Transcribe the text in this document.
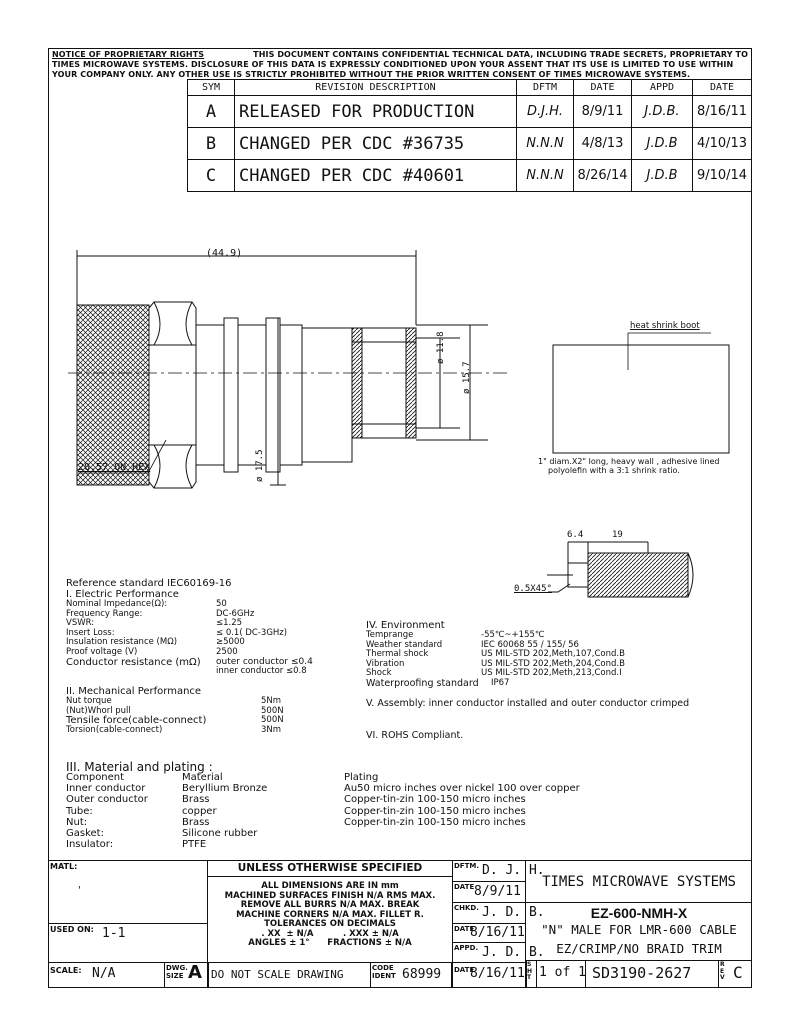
NOTICE OF PROPRIETARY RIGHTS	THIS DOCUMENT CONTAINS CONFIDENTIAL TECHNICAL DATA, INCLUDING TRADE SECRETS, PROPRIETARY TO
TIMES MICROWAVE SYSTEMS. DISCLOSURE OF THIS DATA IS EXPRESSLY CONDITIONED UPON YOUR ASSENT THAT ITS USE IS LIMITED TO USE WITHIN
YOUR COMPANY ONLY. ANY OTHER USE IS STRICTLY PROHIBITED WITHOUT THE PRIOR WRITTEN CONSENT OF TIMES MICROWAVE SYSTEMS.
SYM	REVISION DESCRIPTION	DFTM	DATE	APPD	DATE
A	RELEASED FOR PRODUCTION	D.J.H.	8/9/11	J.D.B.	8/16/11
B	CHANGED PER CDC #36735	N.N.N	4/8/13	J.D.B	4/10/13
C	CHANGED PER CDC #40601	N.N.N	8/26/14	J.D.B	9/10/14
(44.9)
ø 11.8
ø 15.7
ø 17.5
20.57 ON HEX
heat shrink boot
1" diam.X2" long, heavy wall , adhesive lined
polyolefin with a 3:1 shrink ratio.
6.4	19
0.5X45°
Reference standard IEC60169-16
I. Electric Performance
Nominal Impedance(Ω):	50
Frequency Range:	DC-6GHz
VSWR:	≤1.25
Insert Loss:	≤ 0.1( DC-3GHz)
Insulation resistance (MΩ)	≥5000
Proof voltage (V)	2500
Conductor resistance (mΩ)	outer conductor ≤0.4
inner conductor ≤0.8
II. Mechanical Performance
Nut torque	5Nm
(Nut)Whorl pull	500N
Tensile force(cable-connect)	500N
Torsion(cable-connect)	3Nm
IV. Environment
Temprange	-55℃~+155℃
Weather standard	IEC 60068 55 / 155/ 56
Thermal shock	US MIL-STD 202,Meth,107,Cond.B
Vibration	US MIL-STD 202,Meth,204,Cond.B
Shock	US MIL-STD 202,Meth,213,Cond.I
Waterproofing standard	IP67
V. Assembly: inner conductor installed and outer conductor crimped
VI. ROHS Compliant.
III. Material and plating :
Component	Material	Plating
Inner conductor	Beryllium Bronze	Au50 micro inches over nickel 100 over copper
Outer conductor	Brass	Copper-tin-zin 100-150 micro inches
Tube:	copper	Copper-tin-zin 100-150 micro inches
Nut:	Brass	Copper-tin-zin 100-150 micro inches
Gasket:	Silicone rubber
Insulator:	PTFE
MATL:
'
USED ON: 1-1
SCALE: N/A	DWG.
SIZE A
UNLESS OTHERWISE SPECIFIED
ALL DIMENSIONS ARE IN mm
MACHINED SURFACES FINISH N/A RMS MAX.
REMOVE ALL BURRS N/A MAX. BREAK
MACHINE CORNERS N/A MAX. FILLET R.
TOLERANCES ON DECIMALS
. XX  ± N/A          . XXX ± N/A
ANGLES ± 1°      FRACTIONS ± N/A
DO NOT SCALE DRAWING	CODE
IDENT 68999
DFTM. D. J. H.
DATE 8/9/11
CHKD. J. D. B.
DATE
8/16/11
APPD. J. D. B.
DATE
8/16/11
TIMES MICROWAVE SYSTEMS
EZ-600-NMH-X
"N" MALE FOR LMR-600 CABLE
EZ/CRIMP/NO BRAID TRIM
SHT 1 of 1 SD3190-2627	REV C
